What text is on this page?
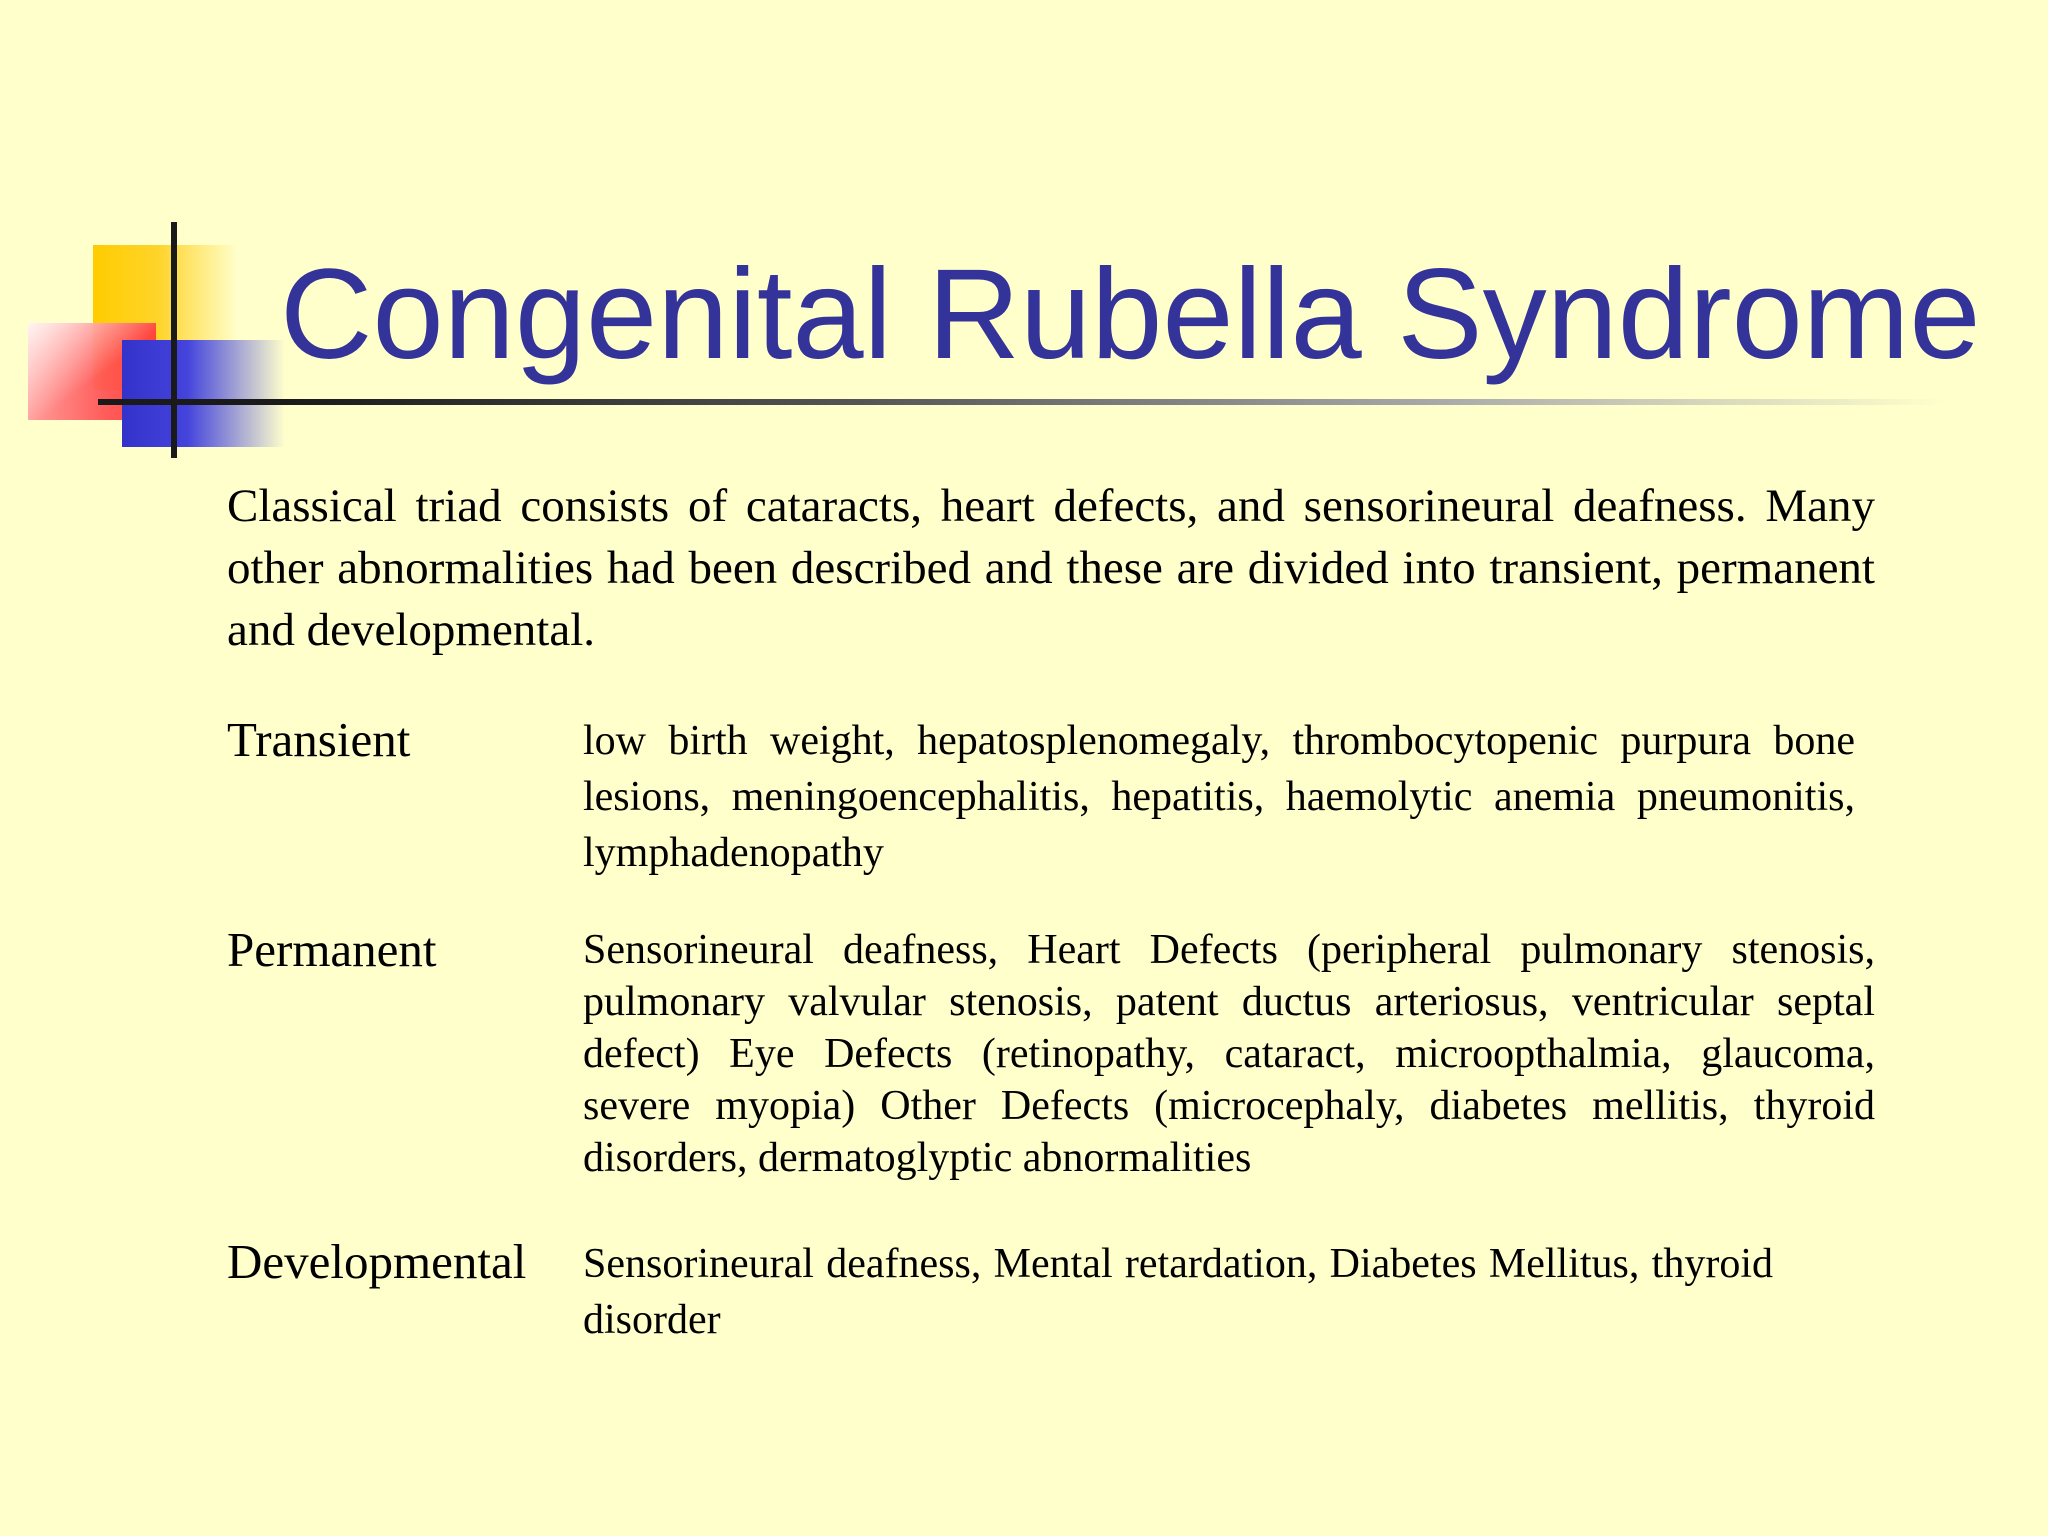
Congenital Rubella Syndrome
Classical triad consists of cataracts, heart defects, and sensorineural deafness. Many other abnormalities had been described and these are divided into transient, permanent and developmental.
Transient	low birth weight, hepatosplenomegaly, thrombocytopenic purpura bone lesions, meningoencephalitis, hepatitis, haemolytic anemia pneumonitis, lymphadenopathy
Permanent	Sensorineural deafness, Heart Defects (peripheral pulmonary stenosis, pulmonary valvular stenosis, patent ductus arteriosus, ventricular septal defect) Eye Defects (retinopathy, cataract, microopthalmia, glaucoma, severe myopia) Other Defects (microcephaly, diabetes mellitis, thyroid disorders, dermatoglyptic abnormalities
Developmental Sensorineural deafness, Mental retardation, Diabetes Mellitus, thyroid disorder
